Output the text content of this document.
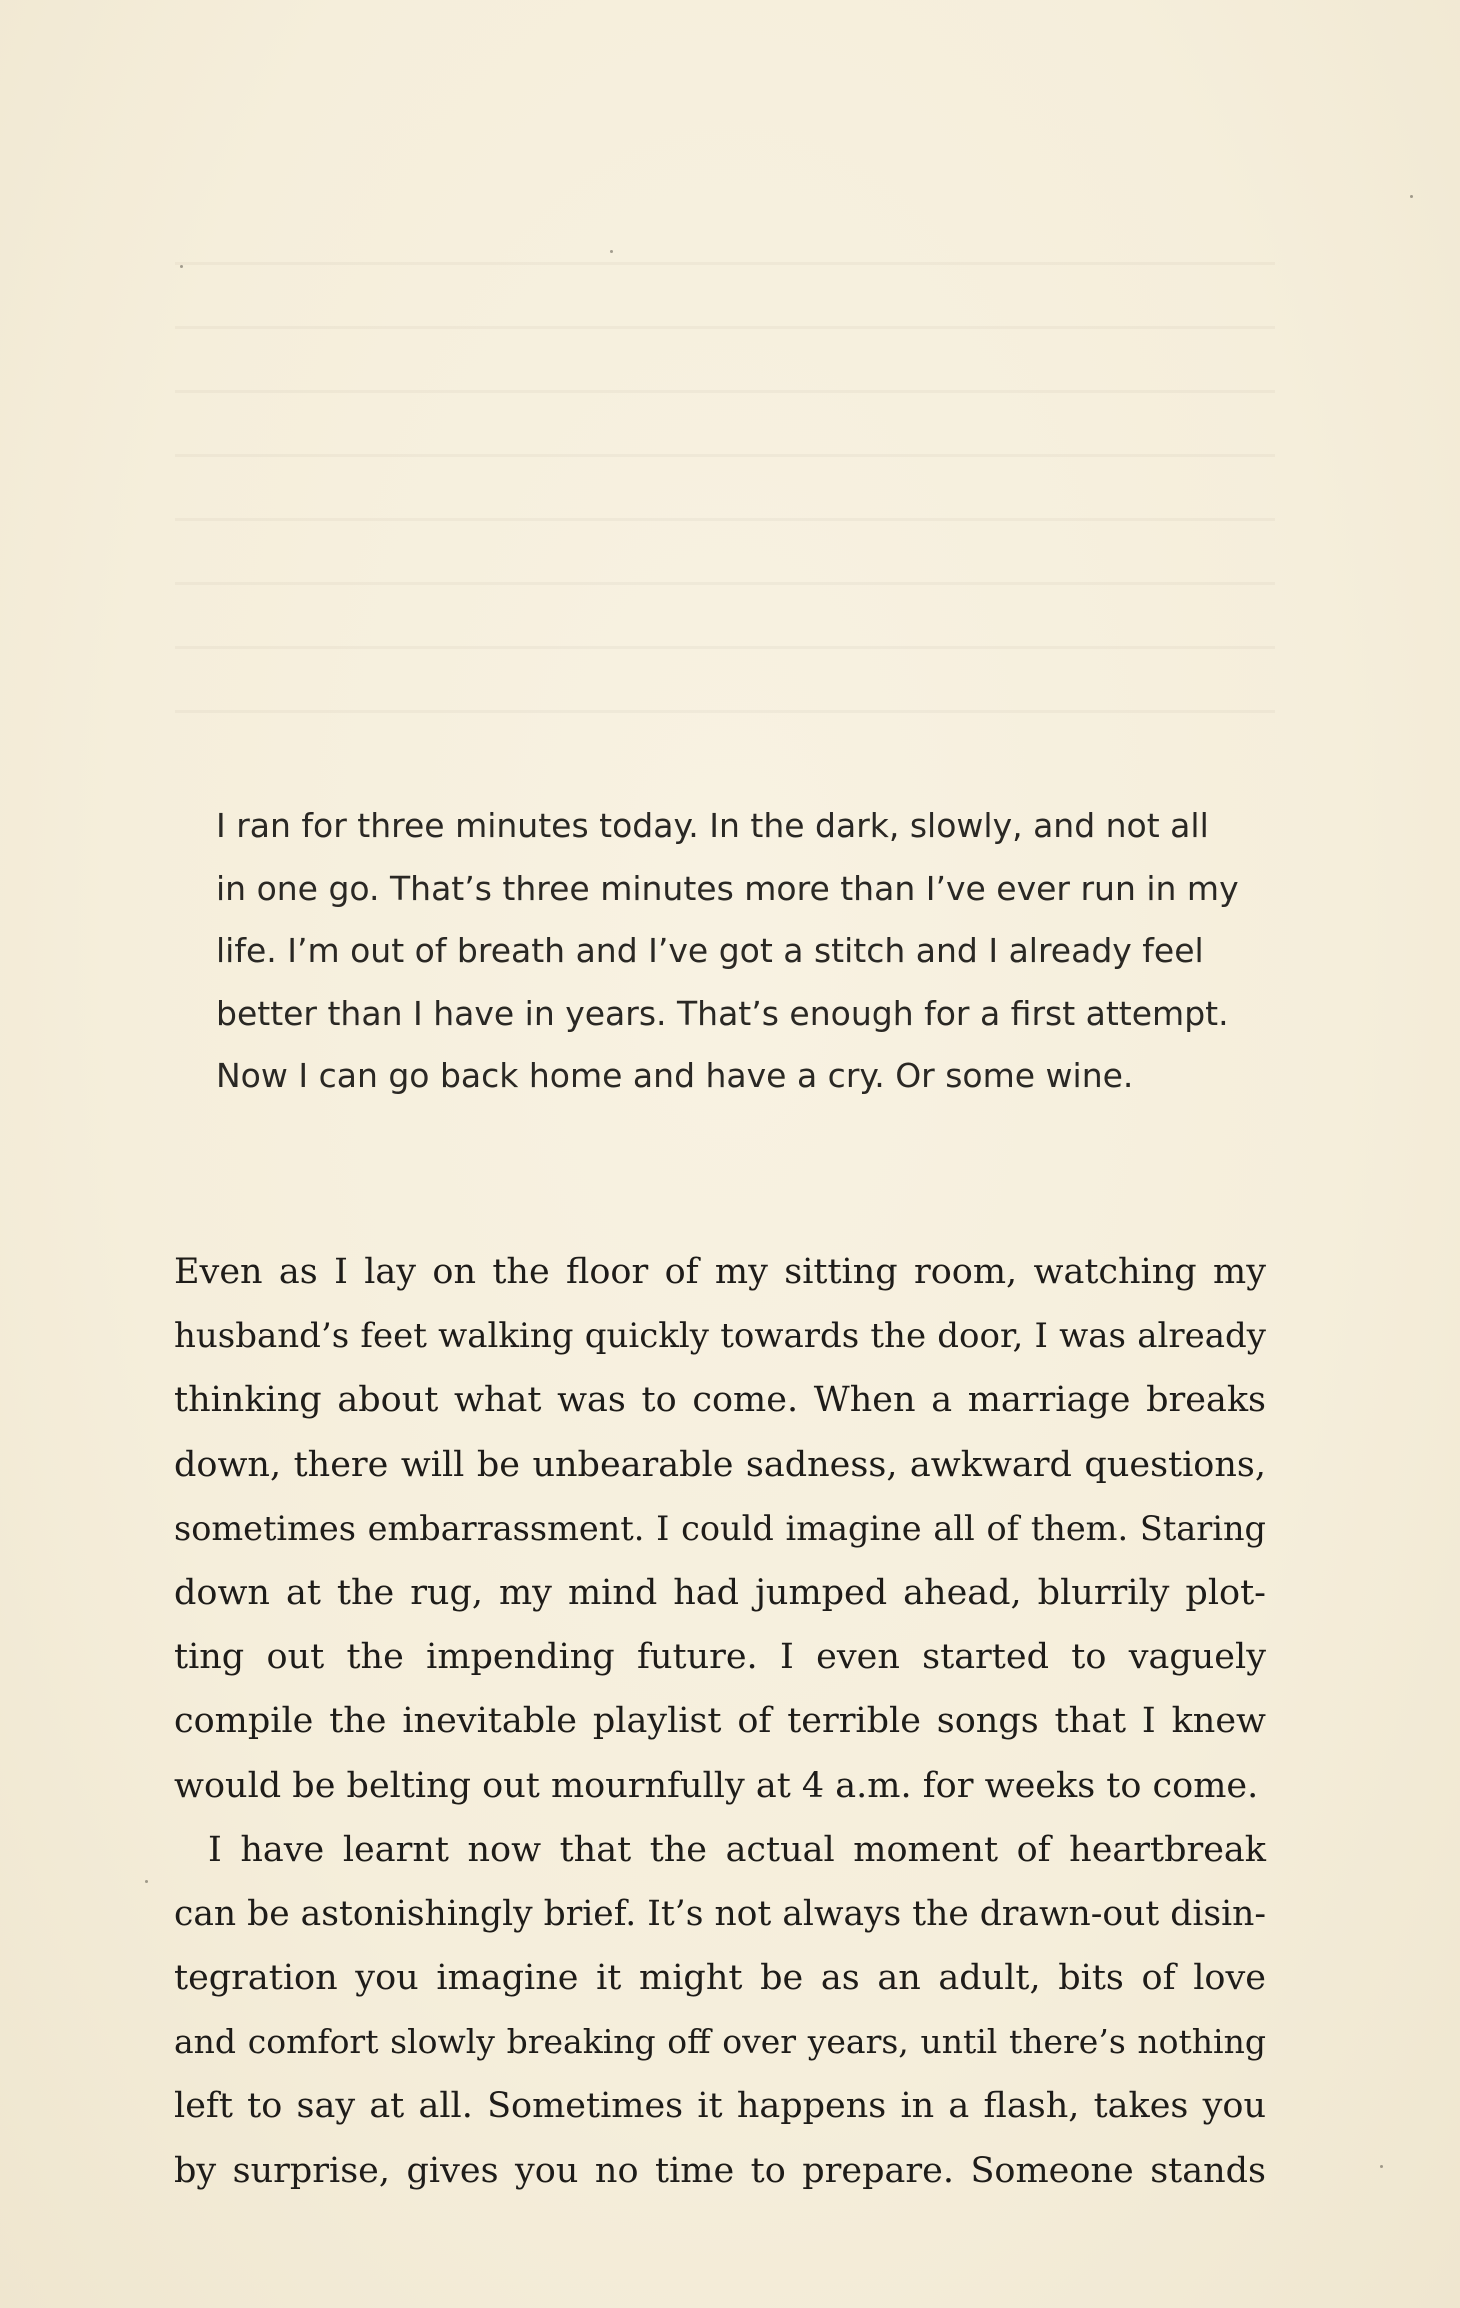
I ran for three minutes today. In the dark, slowly, and not all
in one go. That’s three minutes more than I’ve ever run in my
life. I’m out of breath and I’ve got a stitch and I already feel
better than I have in years. That’s enough for a first attempt.
Now I can go back home and have a cry. Or some wine.
Even as I lay on the floor of my sitting room, watching my
husband’s feet walking quickly towards the door, I was already
thinking about what was to come. When a marriage breaks
down, there will be unbearable sadness, awkward questions,
sometimes embarrassment. I could imagine all of them. Staring
down at the rug, my mind had jumped ahead, blurrily plot-
ting out the impending future. I even started to vaguely
compile the inevitable playlist of terrible songs that I knew
would be belting out mournfully at 4 a.m. for weeks to come.
I have learnt now that the actual moment of heartbreak
can be astonishingly brief. It’s not always the drawn-out disin-
tegration you imagine it might be as an adult, bits of love
and comfort slowly breaking off over years, until there’s nothing
left to say at all. Sometimes it happens in a flash, takes you
by surprise, gives you no time to prepare. Someone stands
